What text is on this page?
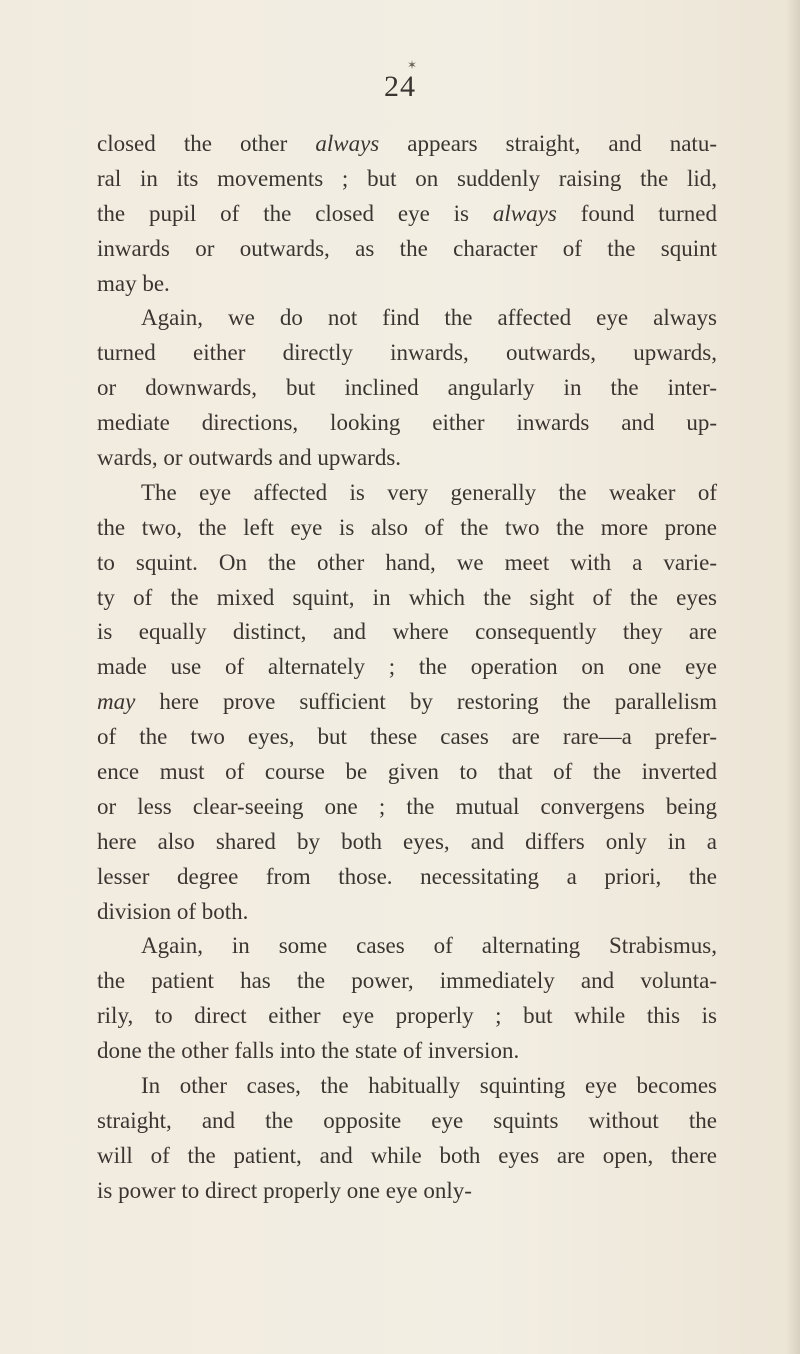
✶
24
closed the other always appears straight, and natu-
ral in its movements ; but on suddenly raising the lid,
the pupil of the closed eye is always found turned
inwards or outwards, as the character of the squint
may be.
Again, we do not find the affected eye always
turned either directly inwards, outwards, upwards,
or downwards, but inclined angularly in the inter-
mediate directions, looking either inwards and up-
wards, or outwards and upwards.
The eye affected is very generally the weaker of
the two, the left eye is also of the two the more prone
to squint. On the other hand, we meet with a varie-
ty of the mixed squint, in which the sight of the eyes
is equally distinct, and where consequently they are
made use of alternately ; the operation on one eye
may here prove sufficient by restoring the parallelism
of the two eyes, but these cases are rare—a prefer-
ence must of course be given to that of the inverted
or less clear-seeing one ; the mutual convergens being
here also shared by both eyes, and differs only in a
lesser degree from those. necessitating a priori, the
division of both.
Again, in some cases of alternating Strabismus,
the patient has the power, immediately and volunta-
rily, to direct either eye properly ; but while this is
done the other falls into the state of inversion.
In other cases, the habitually squinting eye becomes
straight, and the opposite eye squints without the
will of the patient, and while both eyes are open, there
is power to direct properly one eye only-
